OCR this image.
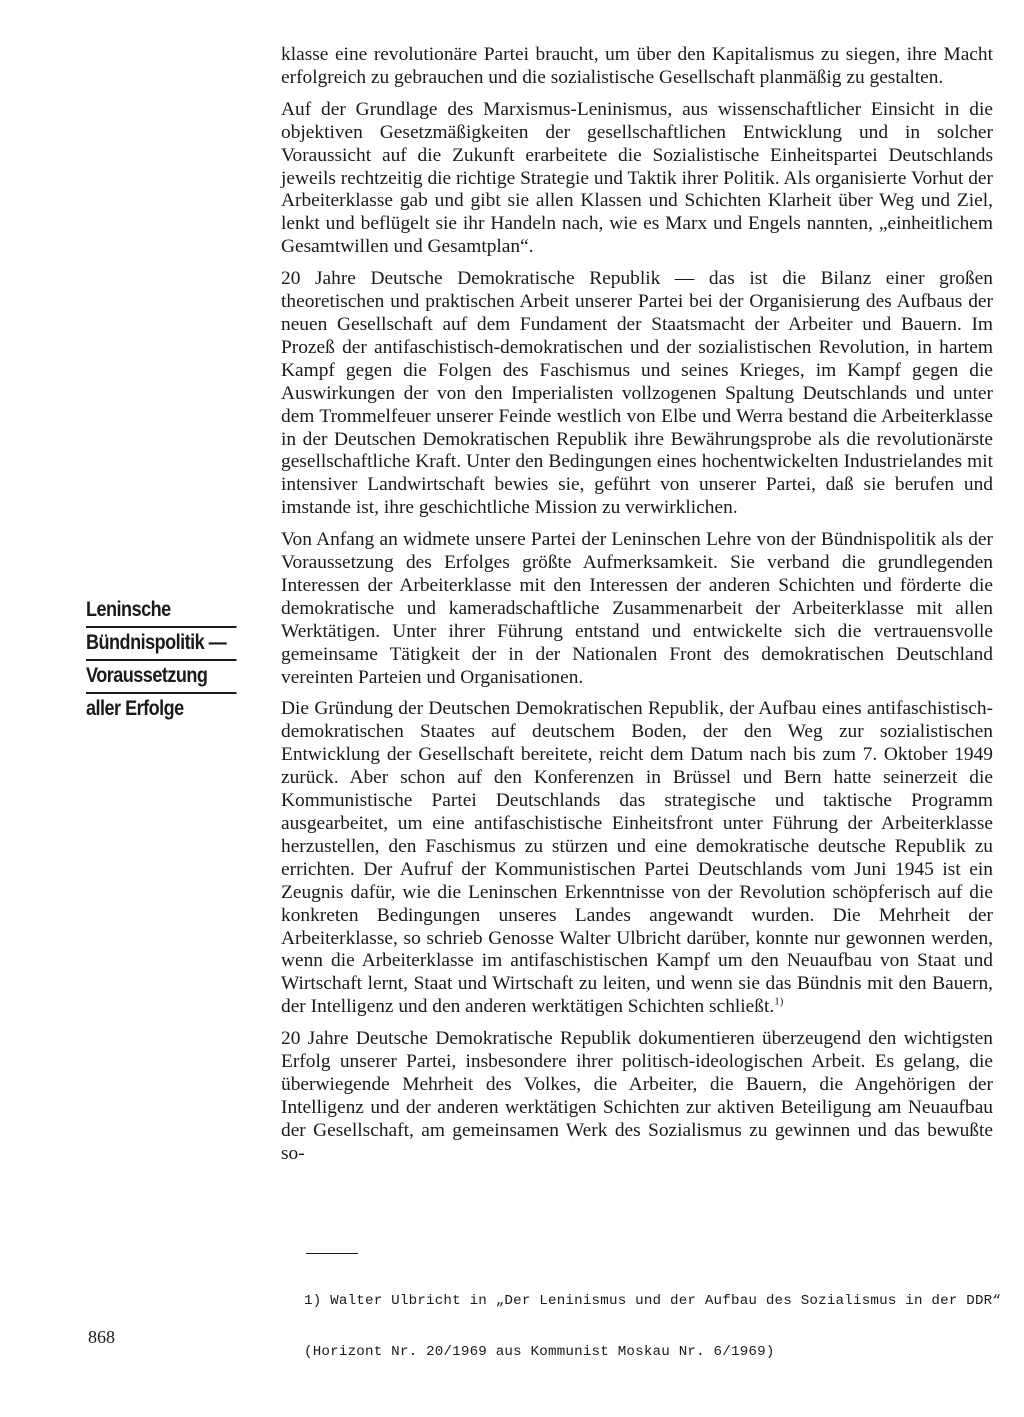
klasse eine revolutionäre Partei braucht, um über den Kapitalismus zu siegen, ihre Macht erfolgreich zu gebrauchen und die sozialistische Gesellschaft planmäßig zu gestalten.

Auf der Grundlage des Marxismus-Leninismus, aus wissenschaftlicher Einsicht in die objektiven Gesetzmäßigkeiten der gesellschaftlichen Entwicklung und in solcher Voraussicht auf die Zukunft erarbeitete die Sozialistische Einheitspartei Deutschlands jeweils rechtzeitig die richtige Strategie und Taktik ihrer Politik. Als organisierte Vorhut der Arbeiterklasse gab und gibt sie allen Klassen und Schichten Klarheit über Weg und Ziel, lenkt und beflügelt sie ihr Handeln nach, wie es Marx und Engels nannten, „einheitlichem Gesamtwillen und Gesamtplan“.

20 Jahre Deutsche Demokratische Republik — das ist die Bilanz einer großen theoretischen und praktischen Arbeit unserer Partei bei der Organisierung des Aufbaus der neuen Gesellschaft auf dem Fundament der Staatsmacht der Arbeiter und Bauern. Im Prozeß der antifaschistisch-demokratischen und der sozialistischen Revolution, in hartem Kampf gegen die Folgen des Faschismus und seines Krieges, im Kampf gegen die Auswirkungen der von den Imperialisten vollzogenen Spaltung Deutschlands und unter dem Trommelfeuer unserer Feinde westlich von Elbe und Werra bestand die Arbeiterklasse in der Deutschen Demokratischen Republik ihre Bewährungsprobe als die revolutionärste gesellschaftliche Kraft. Unter den Bedingungen eines hochentwickelten Industrielandes mit intensiver Landwirtschaft bewies sie, geführt von unserer Partei, daß sie berufen und imstande ist, ihre geschichtliche Mission zu verwirklichen.

Von Anfang an widmete unsere Partei der Leninschen Lehre von der Bündnispolitik als der Voraussetzung des Erfolges größte Aufmerksamkeit. Sie verband die grundlegenden Interessen der Arbeiterklasse mit den Interessen der anderen Schichten und förderte die demokratische und kameradschaftliche Zusammenarbeit der Arbeiterklasse mit allen Werktätigen. Unter ihrer Führung entstand und entwickelte sich die vertrauensvolle gemeinsame Tätigkeit der in der Nationalen Front des demokratischen Deutschland vereinten Parteien und Organisationen.

Die Gründung der Deutschen Demokratischen Republik, der Aufbau eines antifaschistisch-demokratischen Staates auf deutschem Boden, der den Weg zur sozialistischen Entwicklung der Gesellschaft bereitete, reicht dem Datum nach bis zum 7. Oktober 1949 zurück. Aber schon auf den Konferenzen in Brüssel und Bern hatte seinerzeit die Kommunistische Partei Deutschlands das strategische und taktische Programm ausgearbeitet, um eine antifaschistische Einheitsfront unter Führung der Arbeiterklasse herzustellen, den Faschismus zu stürzen und eine demokratische deutsche Republik zu errichten. Der Aufruf der Kommunistischen Partei Deutschlands vom Juni 1945 ist ein Zeugnis dafür, wie die Leninschen Erkenntnisse von der Revolution schöpferisch auf die konkreten Bedingungen unseres Landes angewandt wurden. Die Mehrheit der Arbeiterklasse, so schrieb Genosse Walter Ulbricht darüber, konnte nur gewonnen werden, wenn die Arbeiterklasse im antifaschistischen Kampf um den Neuaufbau von Staat und Wirtschaft lernt, Staat und Wirtschaft zu leiten, und wenn sie das Bündnis mit den Bauern, der Intelligenz und den anderen werktätigen Schichten schließt.$^{1)}$

20 Jahre Deutsche Demokratische Republik dokumentieren überzeugend den wichtigsten Erfolg unserer Partei, insbesondere ihrer politisch-ideologischen Arbeit. Es gelang, die überwiegende Mehrheit des Volkes, die Arbeiter, die Bauern, die Angehörigen der Intelligenz und der anderen werktätigen Schichten zur aktiven Beteiligung am Neuaufbau der Gesellschaft, am gemeinsamen Werk des Sozialismus zu gewinnen und das bewußte so-

Leninsche
Bündnispolitik —
Voraussetzung
aller Erfolge

1) Walter Ulbricht in „Der Leninismus und der Aufbau des Sozialismus in der DDR“

(Horizont Nr. 20/1969 aus Kommunist Moskau Nr. 6/1969)

868
